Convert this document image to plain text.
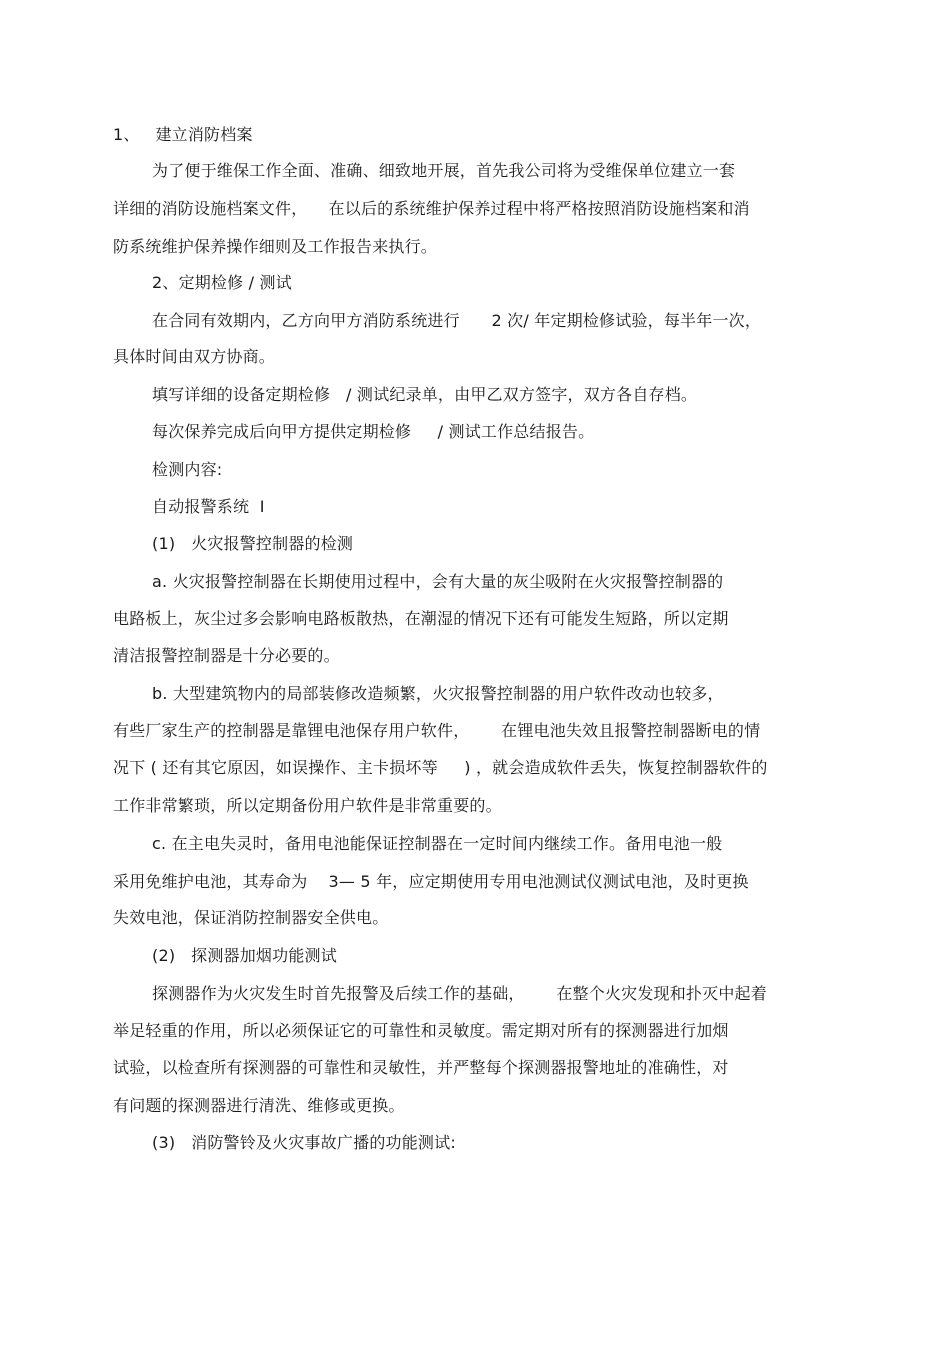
1、   建立消防档案
为了便于维保工作全面、准确、细致地开展，首先我公司将为受维保单位建立一套
详细的消防设施档案文件，    在以后的系统维护保养过程中将严格按照消防设施档案和消
防系统维护保养操作细则及工作报告来执行。
2、定期检修 / 测试
在合同有效期内，乙方向甲方消防系统进行      2 次/ 年定期检修试验，每半年一次，
具体时间由双方协商。
填写详细的设备定期检修   / 测试纪录单，由甲乙双方签字，双方各自存档。
每次保养完成后向甲方提供定期检修     / 测试工作总结报告。
检测内容:
自动报警系统  I
(1)   火灾报警控制器的检测
a. 火灾报警控制器在长期使用过程中，会有大量的灰尘吸附在火灾报警控制器的
电路板上，灰尘过多会影响电路板散热，在潮湿的情况下还有可能发生短路，所以定期
清洁报警控制器是十分必要的。
b. 大型建筑物内的局部装修改造频繁，火灾报警控制器的用户软件改动也较多，
有些厂家生产的控制器是靠锂电池保存用户软件，      在锂电池失效且报警控制器断电的情
况下 ( 还有其它原因，如误操作、主卡损坏等     ) ，就会造成软件丢失，恢复控制器软件的
工作非常繁琐，所以定期备份用户软件是非常重要的。
c. 在主电失灵时，备用电池能保证控制器在一定时间内继续工作。备用电池一般
采用免维护电池，其寿命为    3— 5 年，应定期使用专用电池测试仪测试电池，及时更换
失效电池，保证消防控制器安全供电。
(2)   探测器加烟功能测试
探测器作为火灾发生时首先报警及后续工作的基础，      在整个火灾发现和扑灭中起着
举足轻重的作用，所以必须保证它的可靠性和灵敏度。需定期对所有的探测器进行加烟
试验，以检查所有探测器的可靠性和灵敏性，并严整每个探测器报警地址的准确性，对
有问题的探测器进行清洗、维修或更换。
(3)   消防警铃及火灾事故广播的功能测试:
